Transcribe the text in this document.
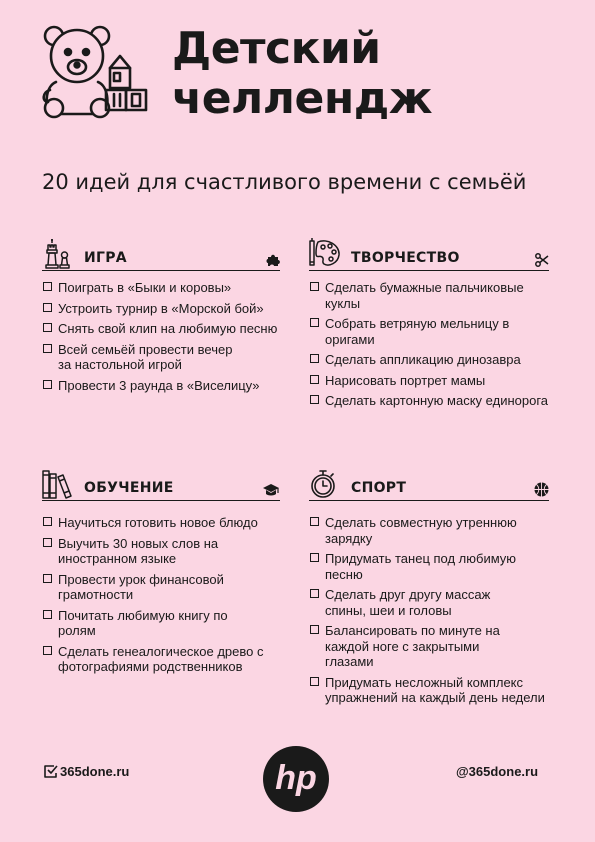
Детский
челлендж
20 идей для счастливого времени с семьёй
ИГРА
Поиграть в «Быки и коровы»
Устроить турнир в «Морской бой»
Снять свой клип на любимую песню
Всей семьёй провести вечер за настольной игрой
Провести 3 раунда в «Виселицу»
ТВОРЧЕСТВО
Сделать бумажные пальчиковые куклы
Собрать ветряную мельницу в оригами
Сделать аппликацию динозавра
Нарисовать портрет мамы
Сделать картонную маску единорога
ОБУЧЕНИЕ
Научиться готовить новое блюдо
Выучить 30 новых слов на иностранном языке
Провести урок финансовой грамотности
Почитать любимую книгу по ролям
Сделать генеалогическое древо с фотографиями родственников
СПОРТ
Сделать совместную утреннюю зарядку
Придумать танец под любимую песню
Сделать друг другу массаж спины, шеи и головы
Балансировать по минуте на каждой ноге с закрытыми глазами
Придумать несложный комплекс упражнений на каждый день недели
365done.ru	hp	@365done.ru
